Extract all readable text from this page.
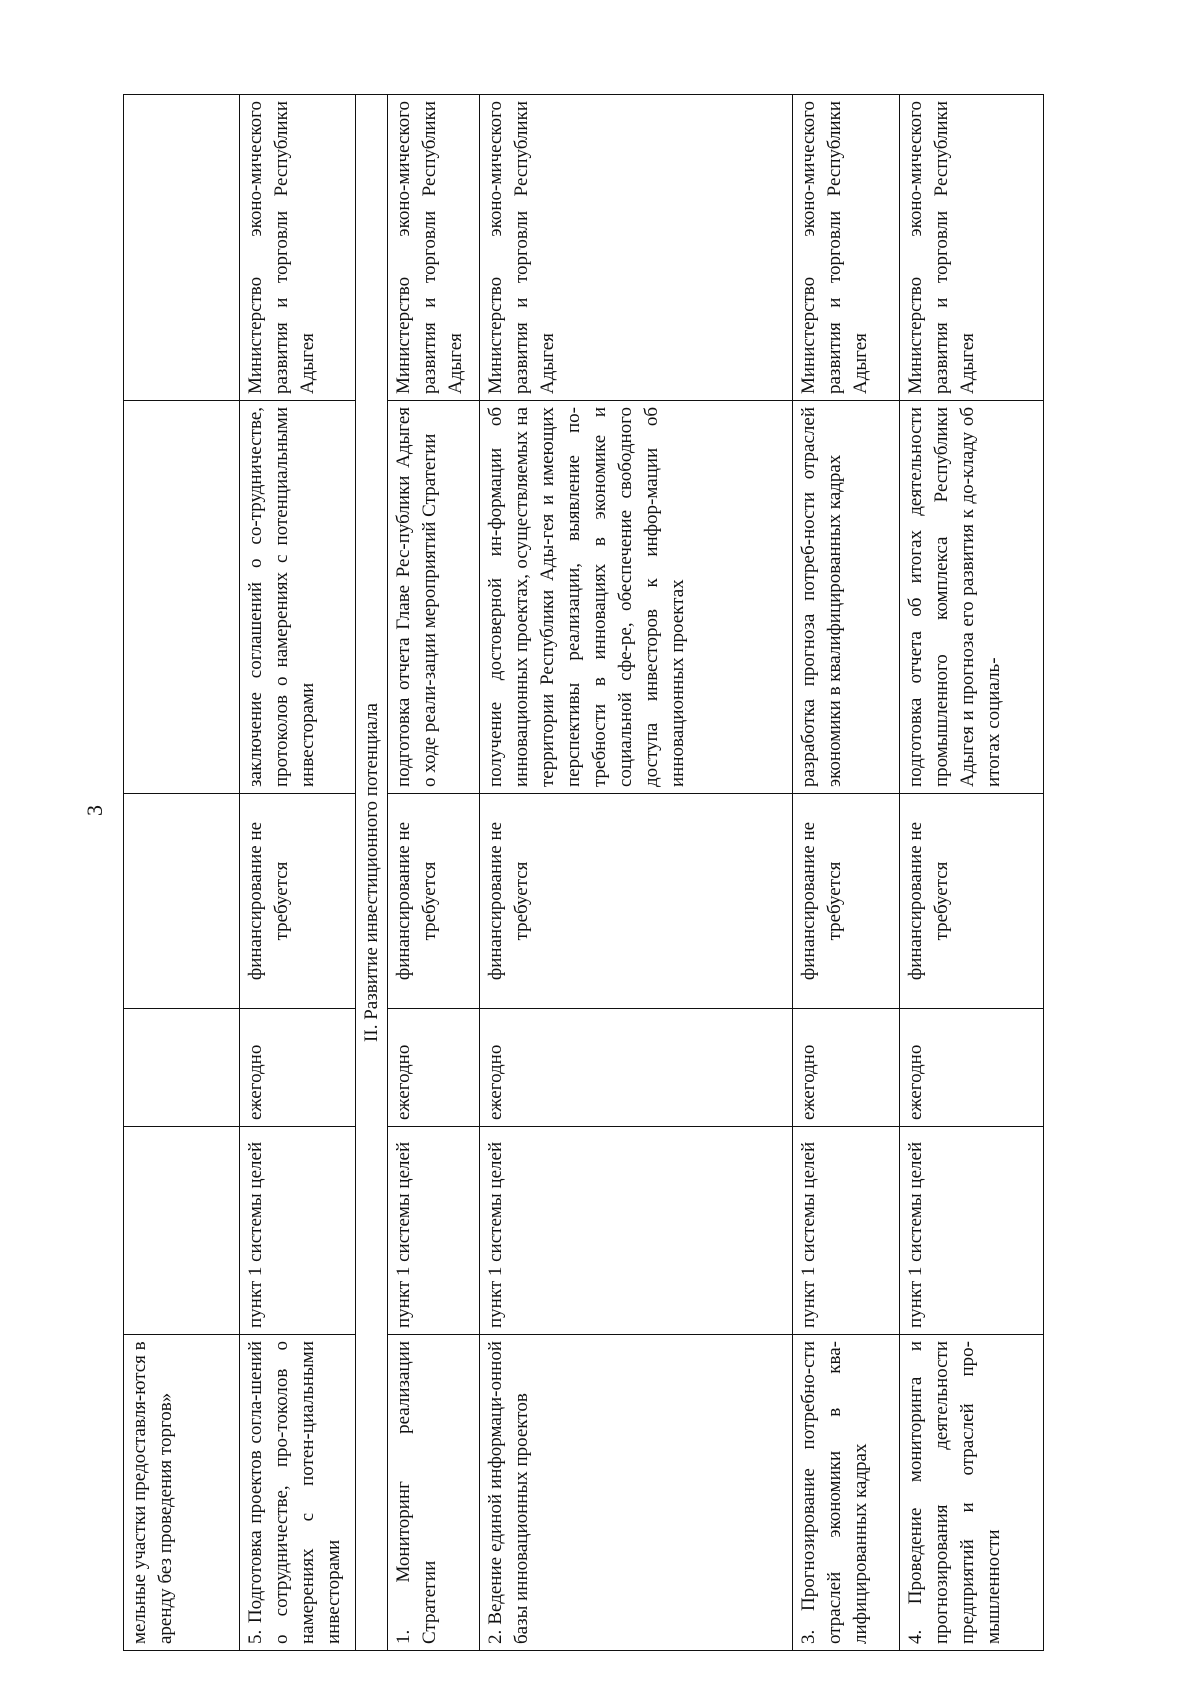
3
мельные участки предоставля-ются в аренду без проведения торгов»					

5. Подготовка проектов согла-шений о сотрудничестве, про-токолов о намерениях с потен-циальными инвесторами	пункт 1 системы целей	ежегодно	финансирование не требуется	заключение соглашений о со-трудничестве, протоколов о намерениях с потенциальными инвесторами	Министерство эконо-мического развития и торговли Республики Адыгея

II. Развитие инвестиционного потенциала					

1. Мониторинг реализации Стратегии	пункт 1 системы целей	ежегодно	финансирование не требуется	подготовка отчета Главе Рес-публики Адыгея о ходе реали-зации мероприятий Стратегии	Министерство эконо-мического развития и торговли Республики Адыгея

2. Ведение единой информаци-онной базы инновационных проектов	пункт 1 системы целей	ежегодно	финансирование не требуется	получение достоверной ин-формации об инновационных проектах, осуществляемых на территории Республики Ады-гея и имеющих перспективы реализации, выявление по-требности в инновациях в экономике и социальной сфе-ре, обеспечение свободного доступа инвесторов к инфор-мации об инновационных проектах	Министерство эконо-мического развития и торговли Республики Адыгея

3. Прогнозирование потребно-сти отраслей экономики в ква-лифицированных кадрах	пункт 1 системы целей	ежегодно	финансирование не требуется	разработка прогноза потреб-ности отраслей экономики в квалифицированных кадрах	Министерство эконо-мического развития и торговли Республики Адыгея

4. Проведение мониторинга и прогнозирования деятельности предприятий и отраслей про-мышленности	пункт 1 системы целей	ежегодно	финансирование не требуется	подготовка отчета об итогах деятельности промышленного комплекса Республики Адыгея и прогноза его развития к до-кладу об итогах социаль-	Министерство эконо-мического развития и торговли Республики Адыгея
